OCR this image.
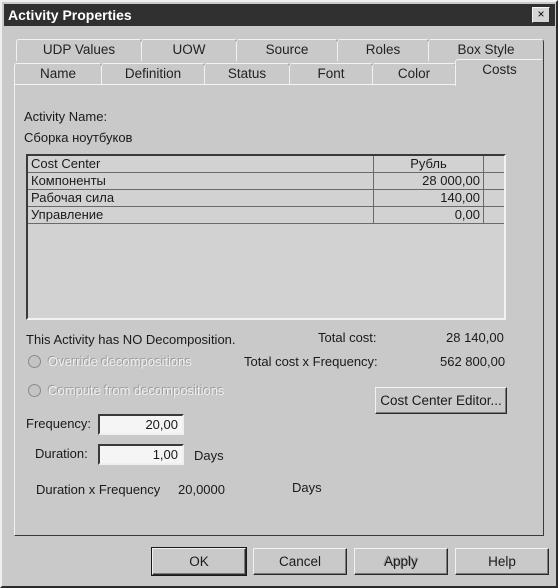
Activity Properties	×
UDP Values	UOW	Source	Roles	Box Style
Name	Definition	Status	Font	Color	Costs
Activity Name:
Сборка ноутбуков
Cost Center	Рубль
Компоненты	28 000,00
Рабочая сила	140,00
Управление	0,00
This Activity has NO Decomposition.	Total cost:	28 140,00
Total cost x Frequency:	562 800,00
Override decompositions
Compute from decompositions
Cost Center Editor...
Frequency:	20,00
Duration:	1,00	Days
Duration x Frequency 20,0000	Days
OK	Cancel	Apply	Help
